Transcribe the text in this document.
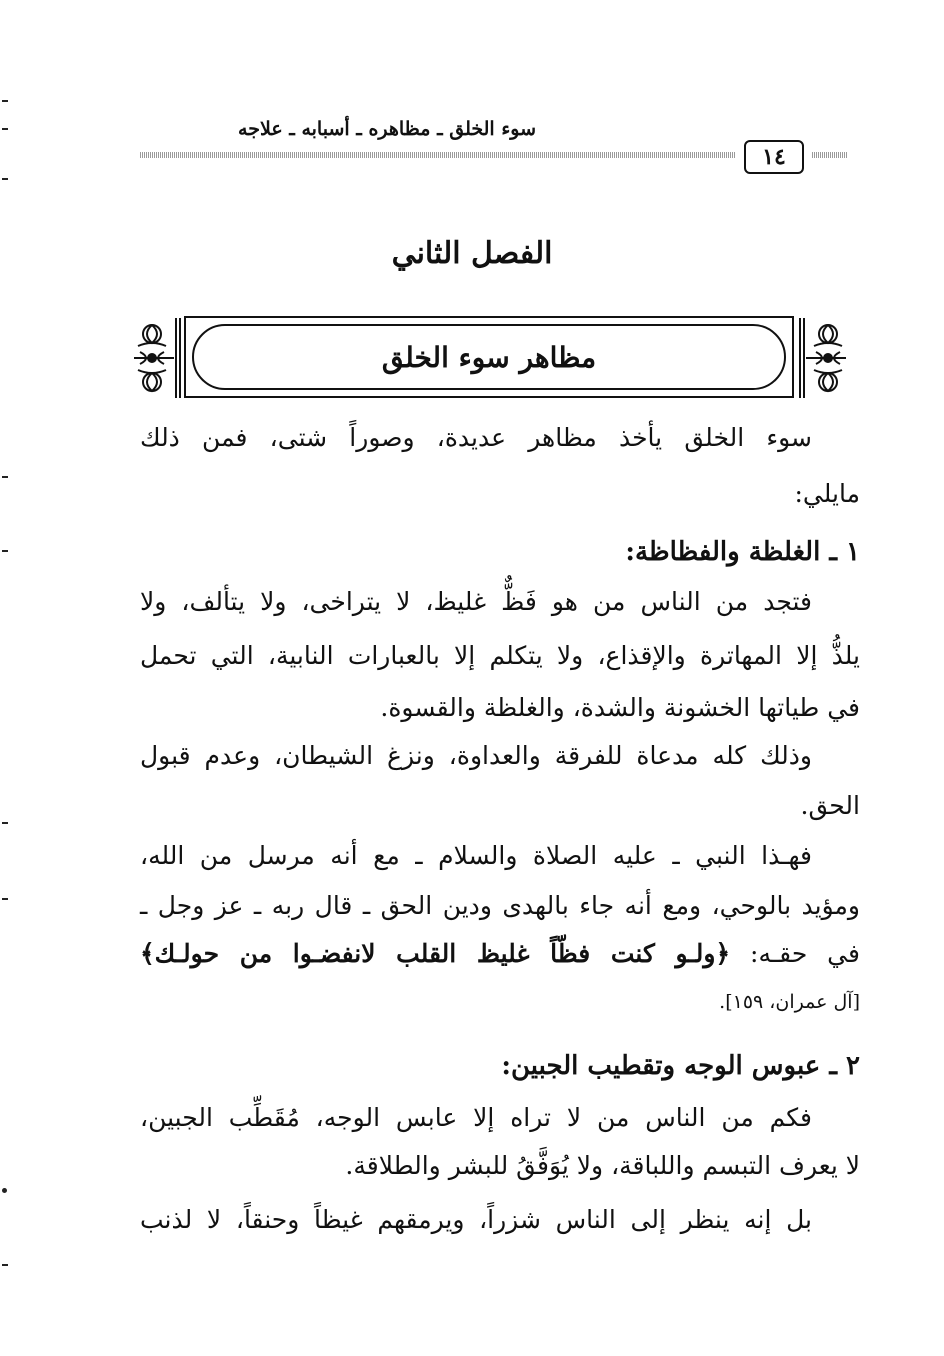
سوء الخلق ـ مظاهره ـ أسبابه ـ علاجه
١٤
الفصل الثاني
مظاهر سوء الخلق
سوء الخلق يأخذ مظاهر عديدة، وصوراً شتى، فمن ذلك
مايلي:
١ ـ الغلظة والفظاظة:
فتجد من الناس من هو فَظٌّ غليظ، لا يتراخى، ولا يتألف، ولا
يلذُّ إلا المهاترة والإقذاع، ولا يتكلم إلا بالعبارات النابية، التي تحمل
في طياتها الخشونة والشدة، والغلظة والقسوة.
وذلك كله مدعاة للفرقة والعداوة، ونزغ الشيطان، وعدم قبول
الحق.
فهـذا النبي ـ عليه الصلاة والسلام ـ مع أنه مرسل من الله،
ومؤيد بالوحي، ومع أنه جاء بالهدى ودين الحق ـ قال ربه ـ عز وجل ـ
في حقـه: ﴿ولـو كنت فظّاً غليظ القلب لانفضـوا من حولـك﴾
[آل عمران، ١٥٩].
٢ ـ عبوس الوجه وتقطيب الجبين:
فكم من الناس من لا تراه إلا عابس الوجه، مُقَطِّب الجبين،
لا يعرف التبسم واللباقة، ولا يُوَفَّقُ للبشر والطلاقة.
بل إنه ينظر إلى الناس شزراً، ويرمقهم غيظاً وحنقاً، لا لذنب
